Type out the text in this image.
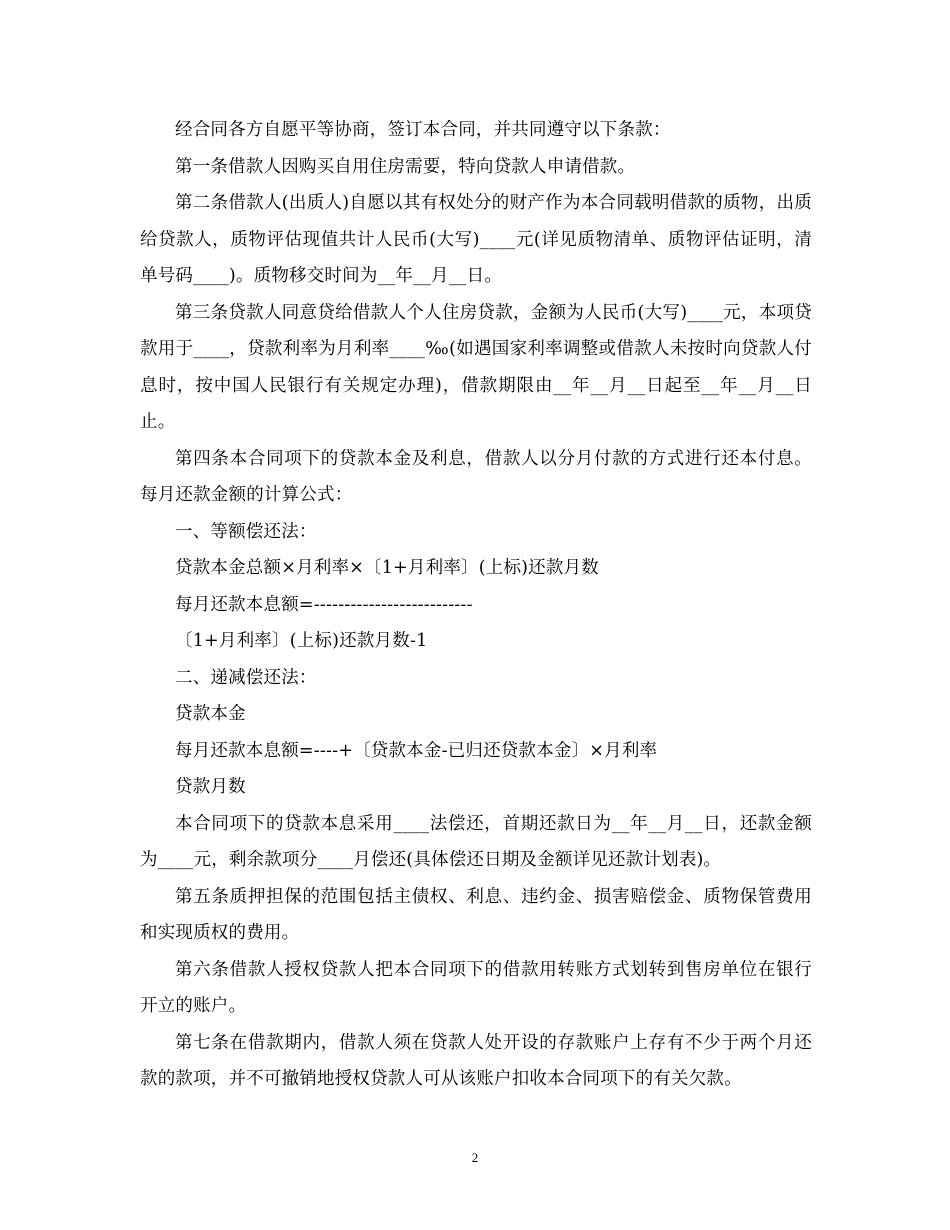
经合同各方自愿平等协商，签订本合同，并共同遵守以下条款：

第一条借款人因购买自用住房需要，特向贷款人申请借款。

第二条借款人(出质人)自愿以其有权处分的财产作为本合同载明借款的质物，出质给贷款人，质物评估现值共计人民币(大写)____元(详见质物清单、质物评估证明，清单号码____)。质物移交时间为__年__月__日。

第三条贷款人同意贷给借款人个人住房贷款，金额为人民币(大写)____元，本项贷款用于____，贷款利率为月利率____‰(如遇国家利率调整或借款人未按时向贷款人付息时，按中国人民银行有关规定办理)，借款期限由__年__月__日起至__年__月__日止。

第四条本合同项下的贷款本金及利息，借款人以分月付款的方式进行还本付息。每月还款金额的计算公式：

一、等额偿还法：

贷款本金总额×月利率×〔1+月利率〕(上标)还款月数

每月还款本息额=--------------------------

〔1+月利率〕(上标)还款月数-1

二、递减偿还法：

贷款本金

每月还款本息额=----+〔贷款本金-已归还贷款本金〕×月利率

贷款月数

本合同项下的贷款本息采用____法偿还，首期还款日为__年__月__日，还款金额为____元，剩余款项分____月偿还(具体偿还日期及金额详见还款计划表)。

第五条质押担保的范围包括主债权、利息、违约金、损害赔偿金、质物保管费用和实现质权的费用。

第六条借款人授权贷款人把本合同项下的借款用转账方式划转到售房单位在银行开立的账户。

第七条在借款期内，借款人须在贷款人处开设的存款账户上存有不少于两个月还款的款项，并不可撤销地授权贷款人可从该账户扣收本合同项下的有关欠款。

2
